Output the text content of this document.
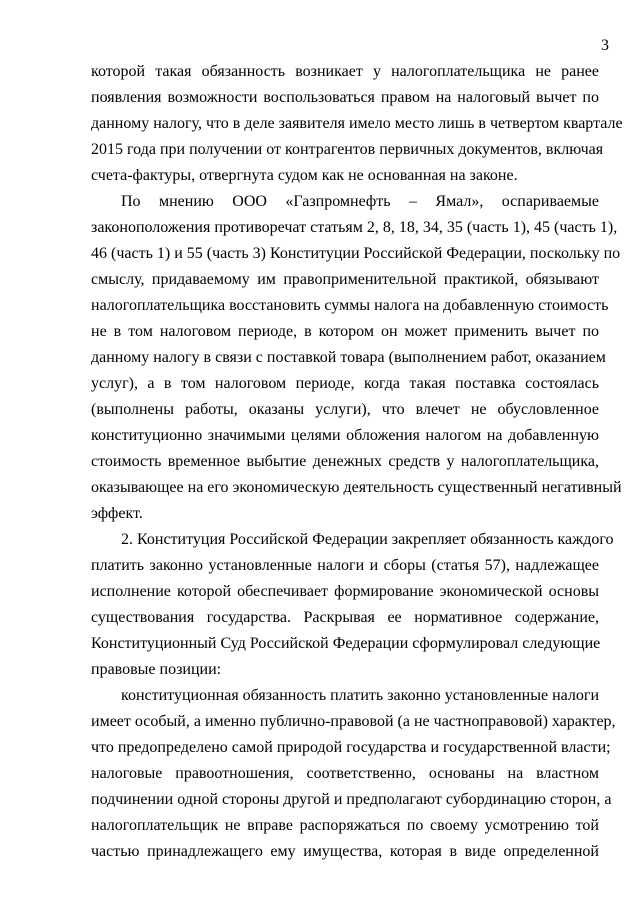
3
которой такая обязанность возникает у налогоплательщика не ранее
появления возможности воспользоваться правом на налоговый вычет по
данному налогу, что в деле заявителя имело место лишь в четвертом квартале
2015 года при получении от контрагентов первичных документов, включая
счета-фактуры, отвергнута судом как не основанная на законе.
По мнению ООО «Газпромнефть – Ямал», оспариваемые
законоположения противоречат статьям 2, 8, 18, 34, 35 (часть 1), 45 (часть 1),
46 (часть 1) и 55 (часть 3) Конституции Российской Федерации, поскольку по
смыслу, придаваемому им правоприменительной практикой, обязывают
налогоплательщика восстановить суммы налога на добавленную стоимость
не в том налоговом периоде, в котором он может применить вычет по
данному налогу в связи с поставкой товара (выполнением работ, оказанием
услуг), а в том налоговом периоде, когда такая поставка состоялась
(выполнены работы, оказаны услуги), что влечет не обусловленное
конституционно значимыми целями обложения налогом на добавленную
стоимость временное выбытие денежных средств у налогоплательщика,
оказывающее на его экономическую деятельность существенный негативный
эффект.
2. Конституция Российской Федерации закрепляет обязанность каждого
платить законно установленные налоги и сборы (статья 57), надлежащее
исполнение которой обеспечивает формирование экономической основы
существования государства. Раскрывая ее нормативное содержание,
Конституционный Суд Российской Федерации сформулировал следующие
правовые позиции:
конституционная обязанность платить законно установленные налоги
имеет особый, а именно публично-правовой (а не частноправовой) характер,
что предопределено самой природой государства и государственной власти;
налоговые правоотношения, соответственно, основаны на властном
подчинении одной стороны другой и предполагают субординацию сторон, а
налогоплательщик не вправе распоряжаться по своему усмотрению той
частью принадлежащего ему имущества, которая в виде определенной
